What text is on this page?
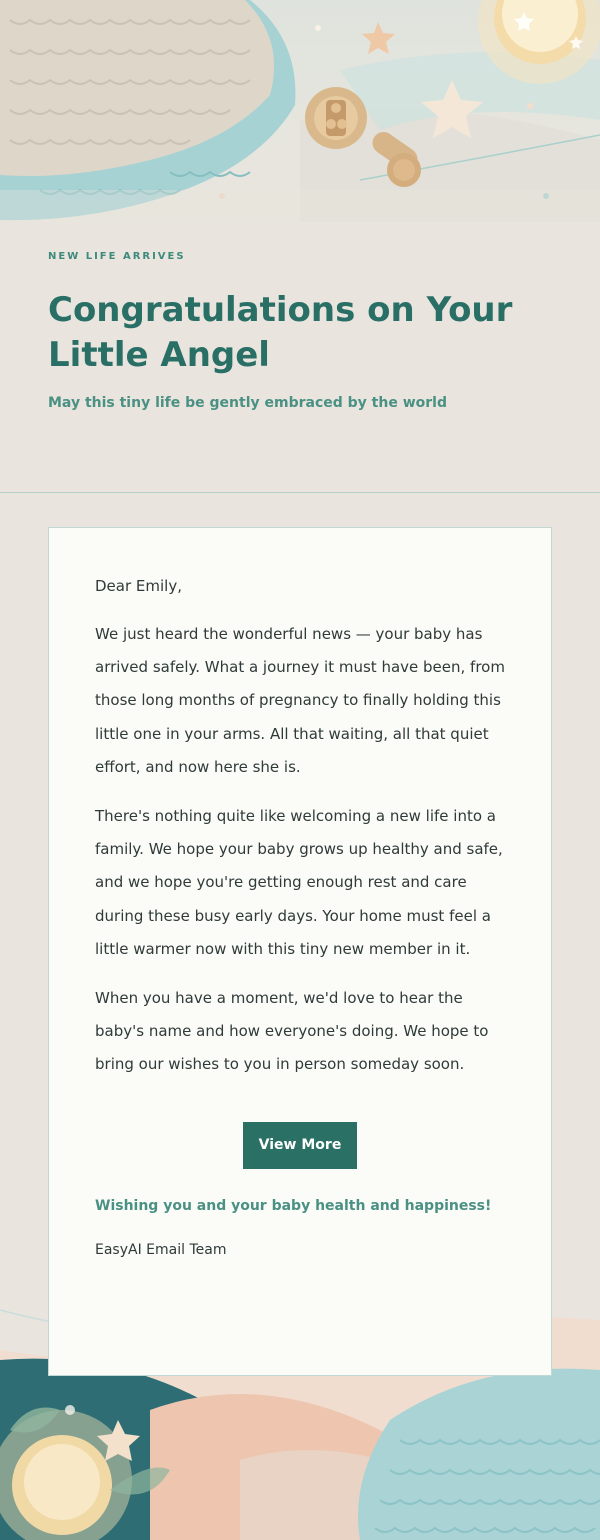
NEW LIFE ARRIVES
Congratulations on Your Little Angel
May this tiny life be gently embraced by the world

Dear Emily,

We just heard the wonderful news — your baby has arrived safely. What a journey it must have been, from those long months of pregnancy to finally holding this little one in your arms. All that waiting, all that quiet effort, and now here she is.

There's nothing quite like welcoming a new life into a family. We hope your baby grows up healthy and safe, and we hope you're getting enough rest and care during these busy early days. Your home must feel a little warmer now with this tiny new member in it.

When you have a moment, we'd love to hear the baby's name and how everyone's doing. We hope to bring our wishes to you in person someday soon.

View More

Wishing you and your baby health and happiness!

EasyAI Email Team
